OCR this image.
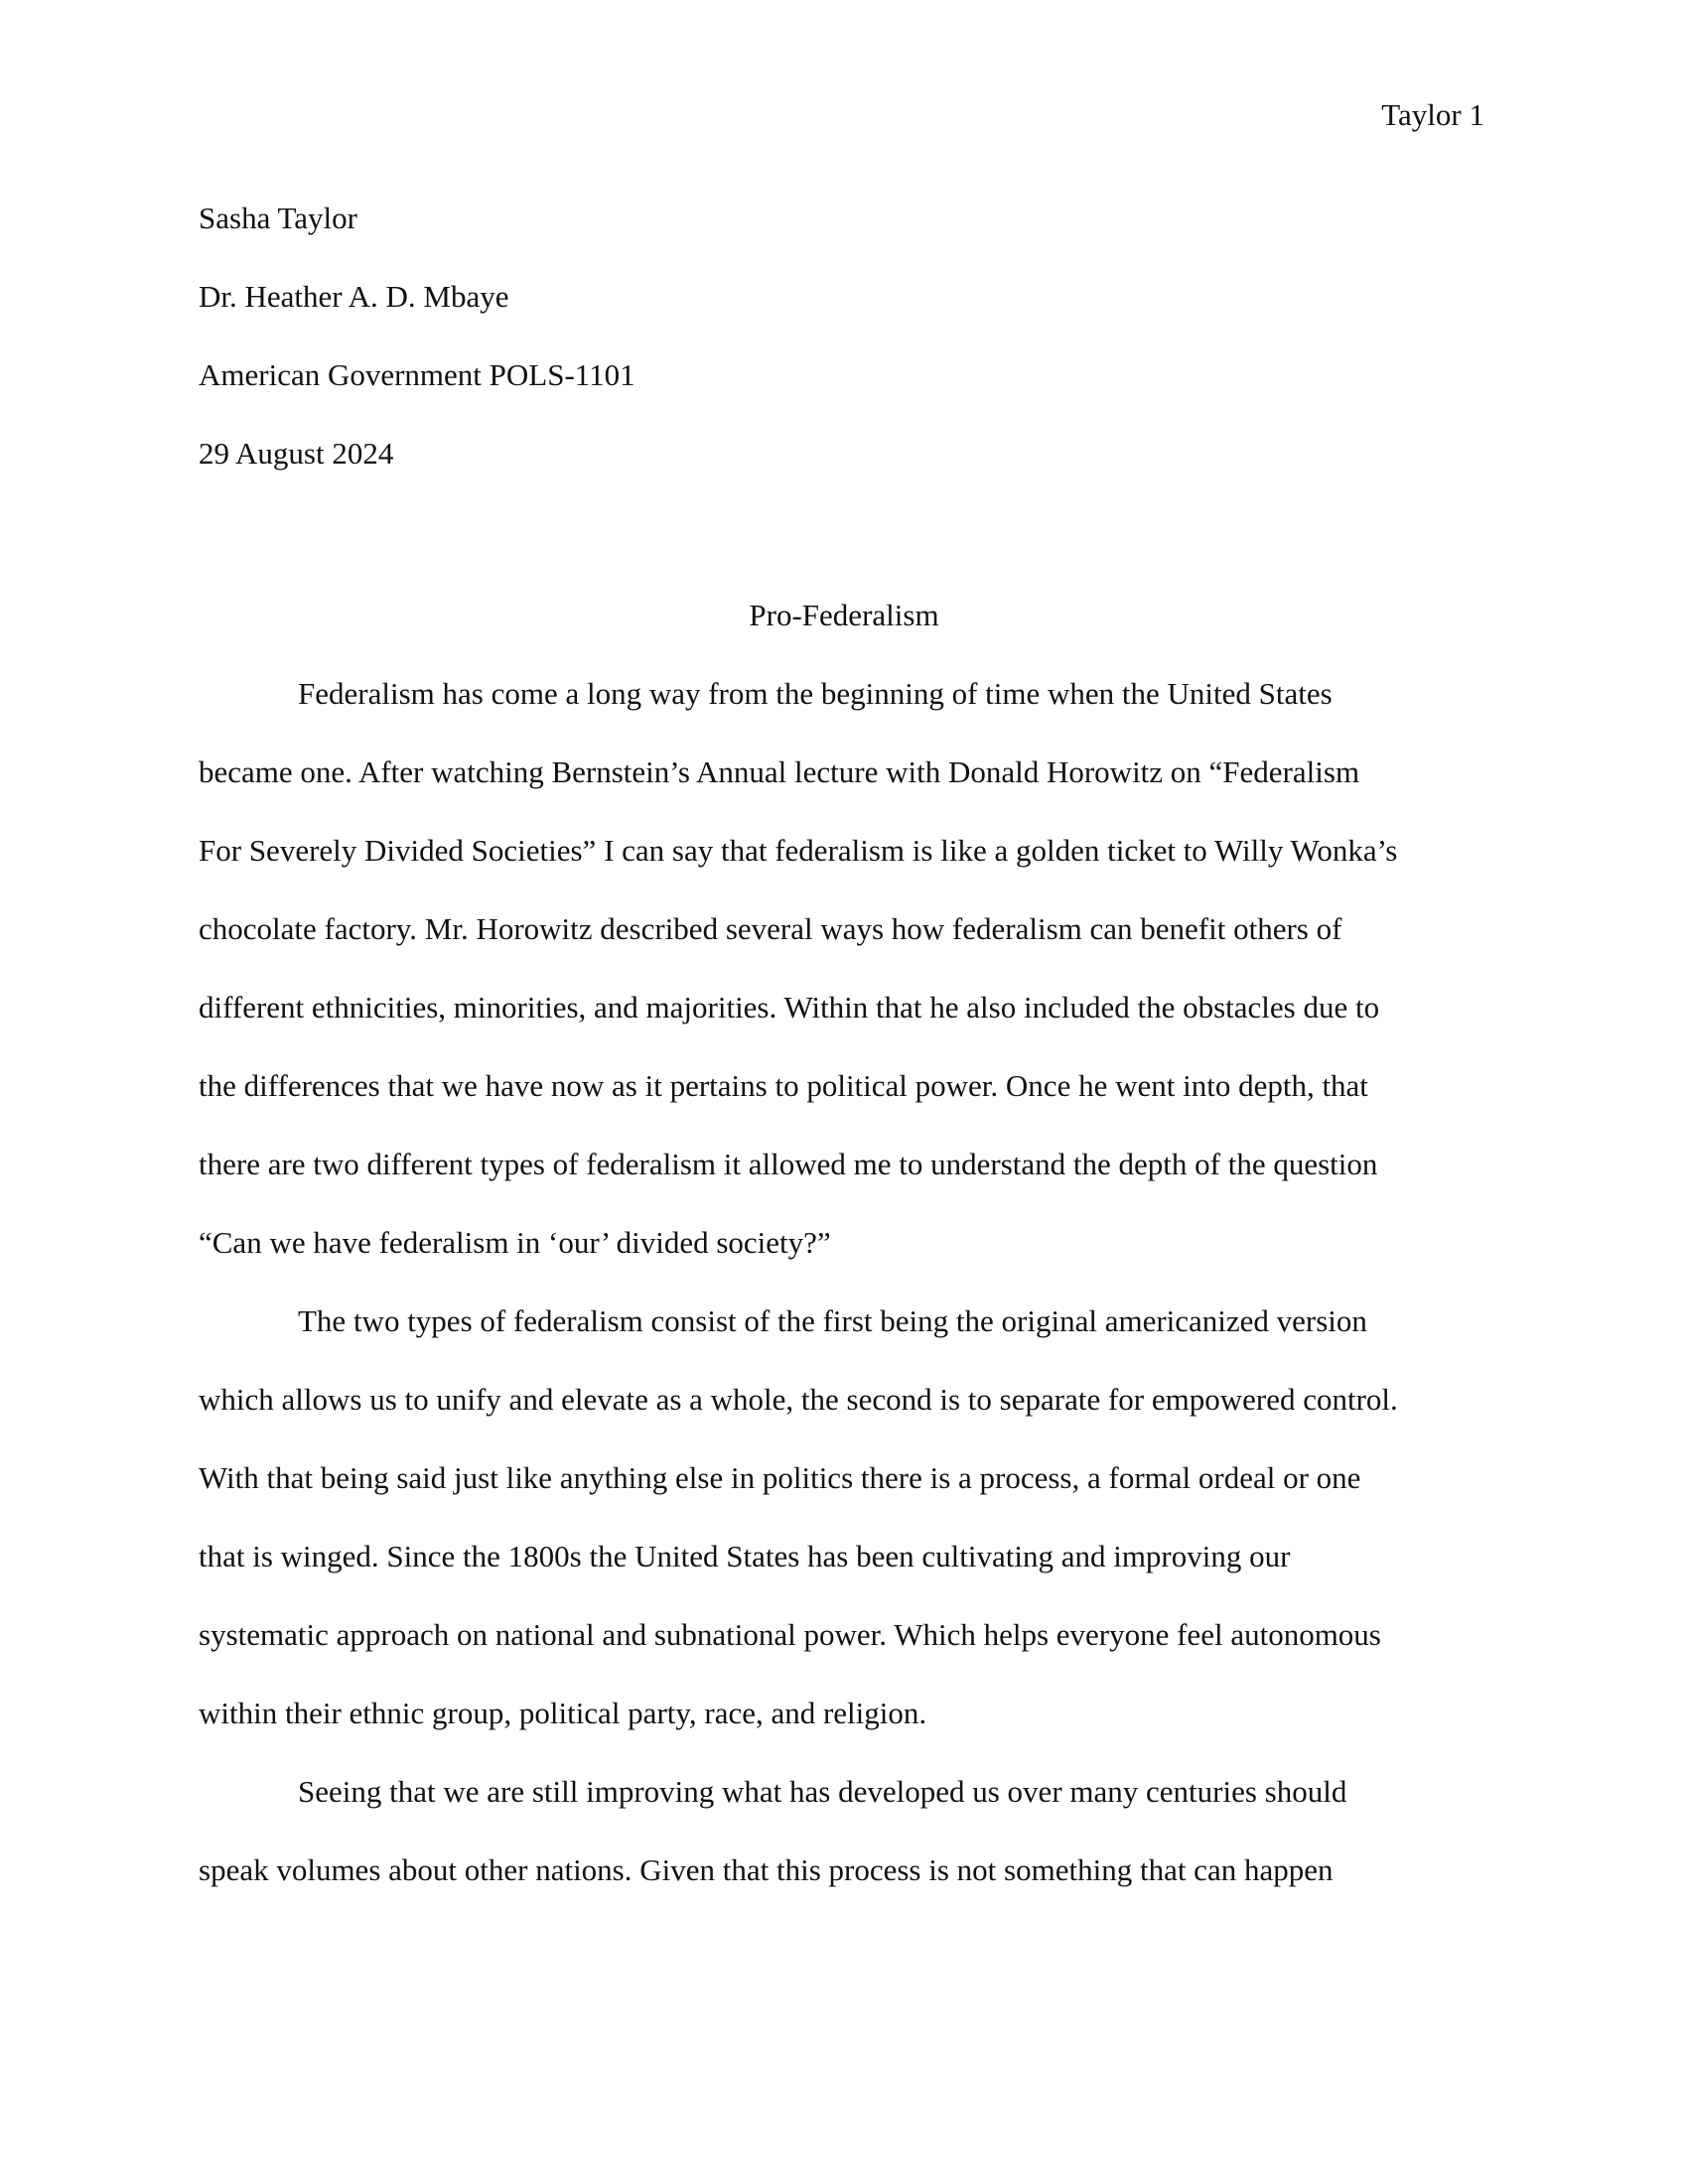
Taylor 1
Sasha Taylor
Dr. Heather A. D. Mbaye
American Government POLS-1101
29 August 2024
Pro-Federalism
Federalism has come a long way from the beginning of time when the United States
became one. After watching Bernstein’s Annual lecture with Donald Horowitz on “Federalism
For Severely Divided Societies” I can say that federalism is like a golden ticket to Willy Wonka’s
chocolate factory. Mr. Horowitz described several ways how federalism can benefit others of
different ethnicities, minorities, and majorities. Within that he also included the obstacles due to
the differences that we have now as it pertains to political power. Once he went into depth, that
there are two different types of federalism it allowed me to understand the depth of the question
“Can we have federalism in ‘our’ divided society?”
The two types of federalism consist of the first being the original americanized version
which allows us to unify and elevate as a whole, the second is to separate for empowered control.
With that being said just like anything else in politics there is a process, a formal ordeal or one
that is winged. Since the 1800s the United States has been cultivating and improving our
systematic approach on national and subnational power. Which helps everyone feel autonomous
within their ethnic group, political party, race, and religion.
Seeing that we are still improving what has developed us over many centuries should
speak volumes about other nations. Given that this process is not something that can happen
